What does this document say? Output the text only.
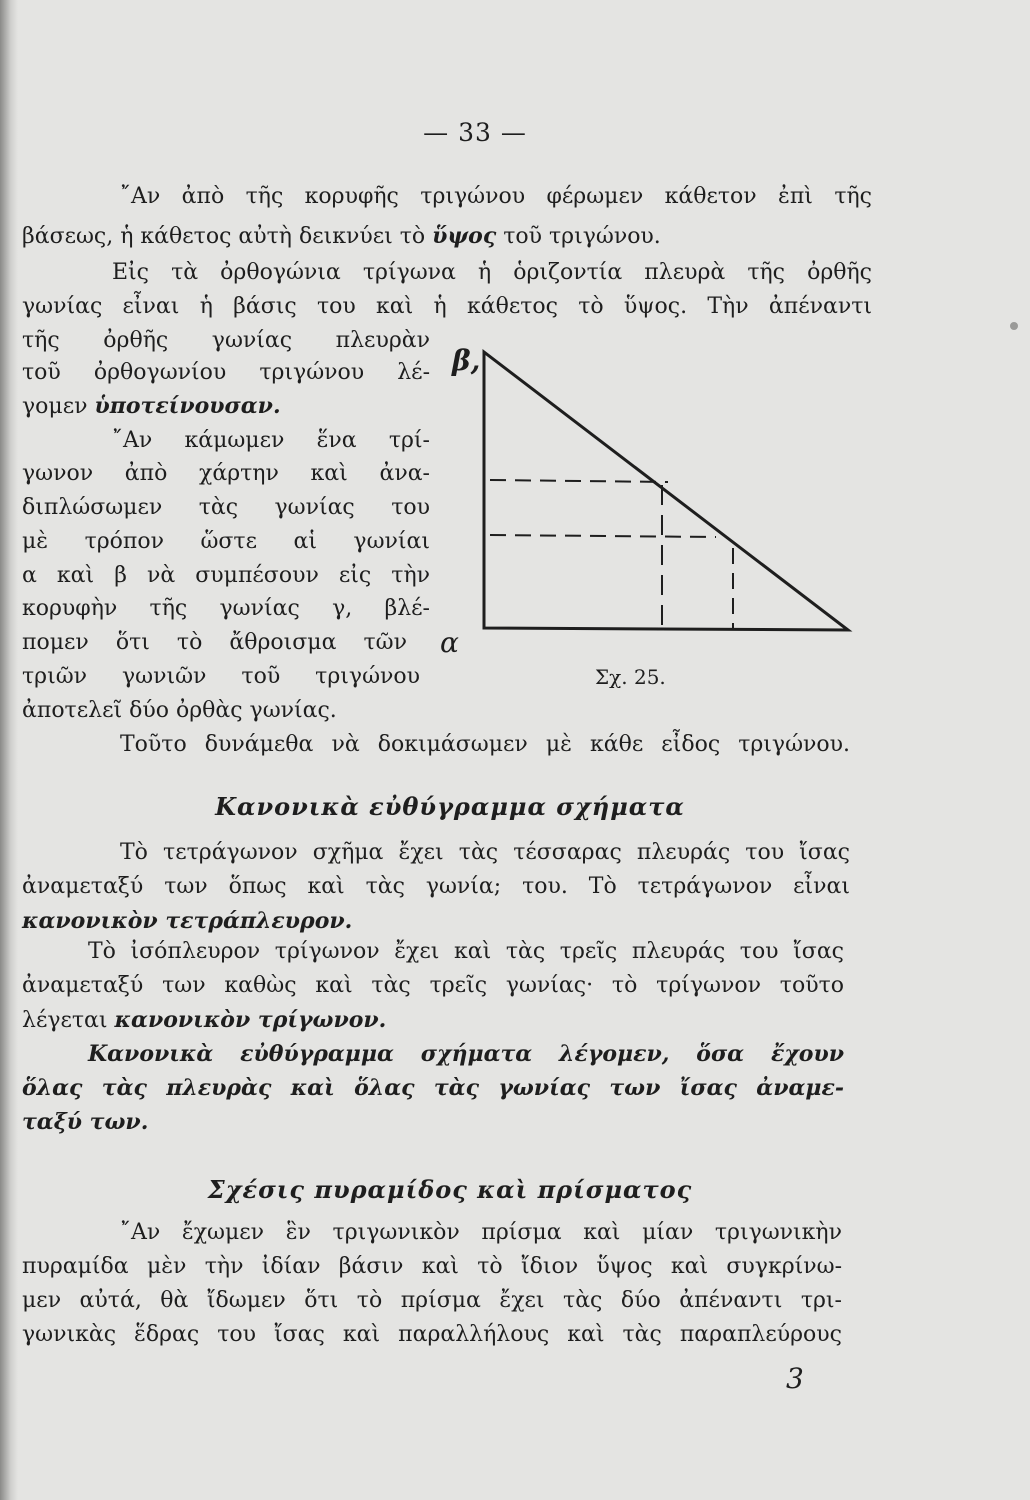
— 33 —
῎Αν ἀπὸ τῆς κορυφῆς τριγώνου φέρωμεν κάθετον ἐπὶ τῆς
βάσεως, ἡ κάθετος αὐτὴ δεικνύει τὸ ὕψος τοῦ τριγώνου.
Εἰς τὰ ὀρθογώνια τρίγωνα ἡ ὁριζοντία πλευρὰ τῆς ὀρθῆς
γωνίας εἶναι ἡ βάσις του καὶ ἡ κάθετος τὸ ὕψος. Τὴν ἀπέναντι
τῆς ὀρθῆς γωνίας πλευρὰν
τοῦ ὀρθογωνίου τριγώνου λέ-
γομεν ὑποτείνουσαν.
῎Αν κάμωμεν ἕνα τρί-
γωνον ἀπὸ χάρτην καὶ ἀνα-
διπλώσωμεν τὰς γωνίας του
μὲ τρόπον ὥστε αἱ γωνίαι
α καὶ β νὰ συμπέσουν εἰς τὴν
κορυφὴν τῆς γωνίας γ, βλέ-
πομεν ὅτι τὸ ἄθροισμα τῶν
τριῶν γωνιῶν τοῦ τριγώνου
ἀποτελεῖ δύο ὀρθὰς γωνίας.
Τοῦτο δυνάμεθα νὰ δοκιμάσωμεν μὲ κάθε εἶδος τριγώνου.
β,
α
Σχ. 25.
Κανονικὰ εὐθύγραμμα σχήματα
Τὸ τετράγωνον σχῆμα ἔχει τὰς τέσσαρας πλευράς του ἴσας
ἀναμεταξύ των ὅπως καὶ τὰς γωνία; του. Τὸ τετράγωνον εἶναι
κανονικὸν τετράπλευρον.
Τὸ ἰσόπλευρον τρίγωνον ἔχει καὶ τὰς τρεῖς πλευράς του ἴσας
ἀναμεταξύ των καθὼς καὶ τὰς τρεῖς γωνίας· τὸ τρίγωνον τοῦτο
λέγεται κανονικὸν τρίγωνον.
Κανονικὰ εὐθύγραμμα σχήματα λέγομεν, ὅσα ἔχουν
ὅλας τὰς πλευρὰς καὶ ὅλας τὰς γωνίας των ἴσας ἀναμε-
ταξύ των.
Σχέσις πυραμίδος καὶ πρίσματος
῎Αν ἔχωμεν ἓν τριγωνικὸν πρίσμα καὶ μίαν τριγωνικὴν
πυραμίδα μὲν τὴν ἰδίαν βάσιν καὶ τὸ ἴδιον ὕψος καὶ συγκρίνω-
μεν αὐτά, θὰ ἴδωμεν ὅτι τὸ πρίσμα ἔχει τὰς δύο ἀπέναντι τρι-
γωνικὰς ἕδρας του ἴσας καὶ παραλλήλους καὶ τὰς παραπλεύρους
3
